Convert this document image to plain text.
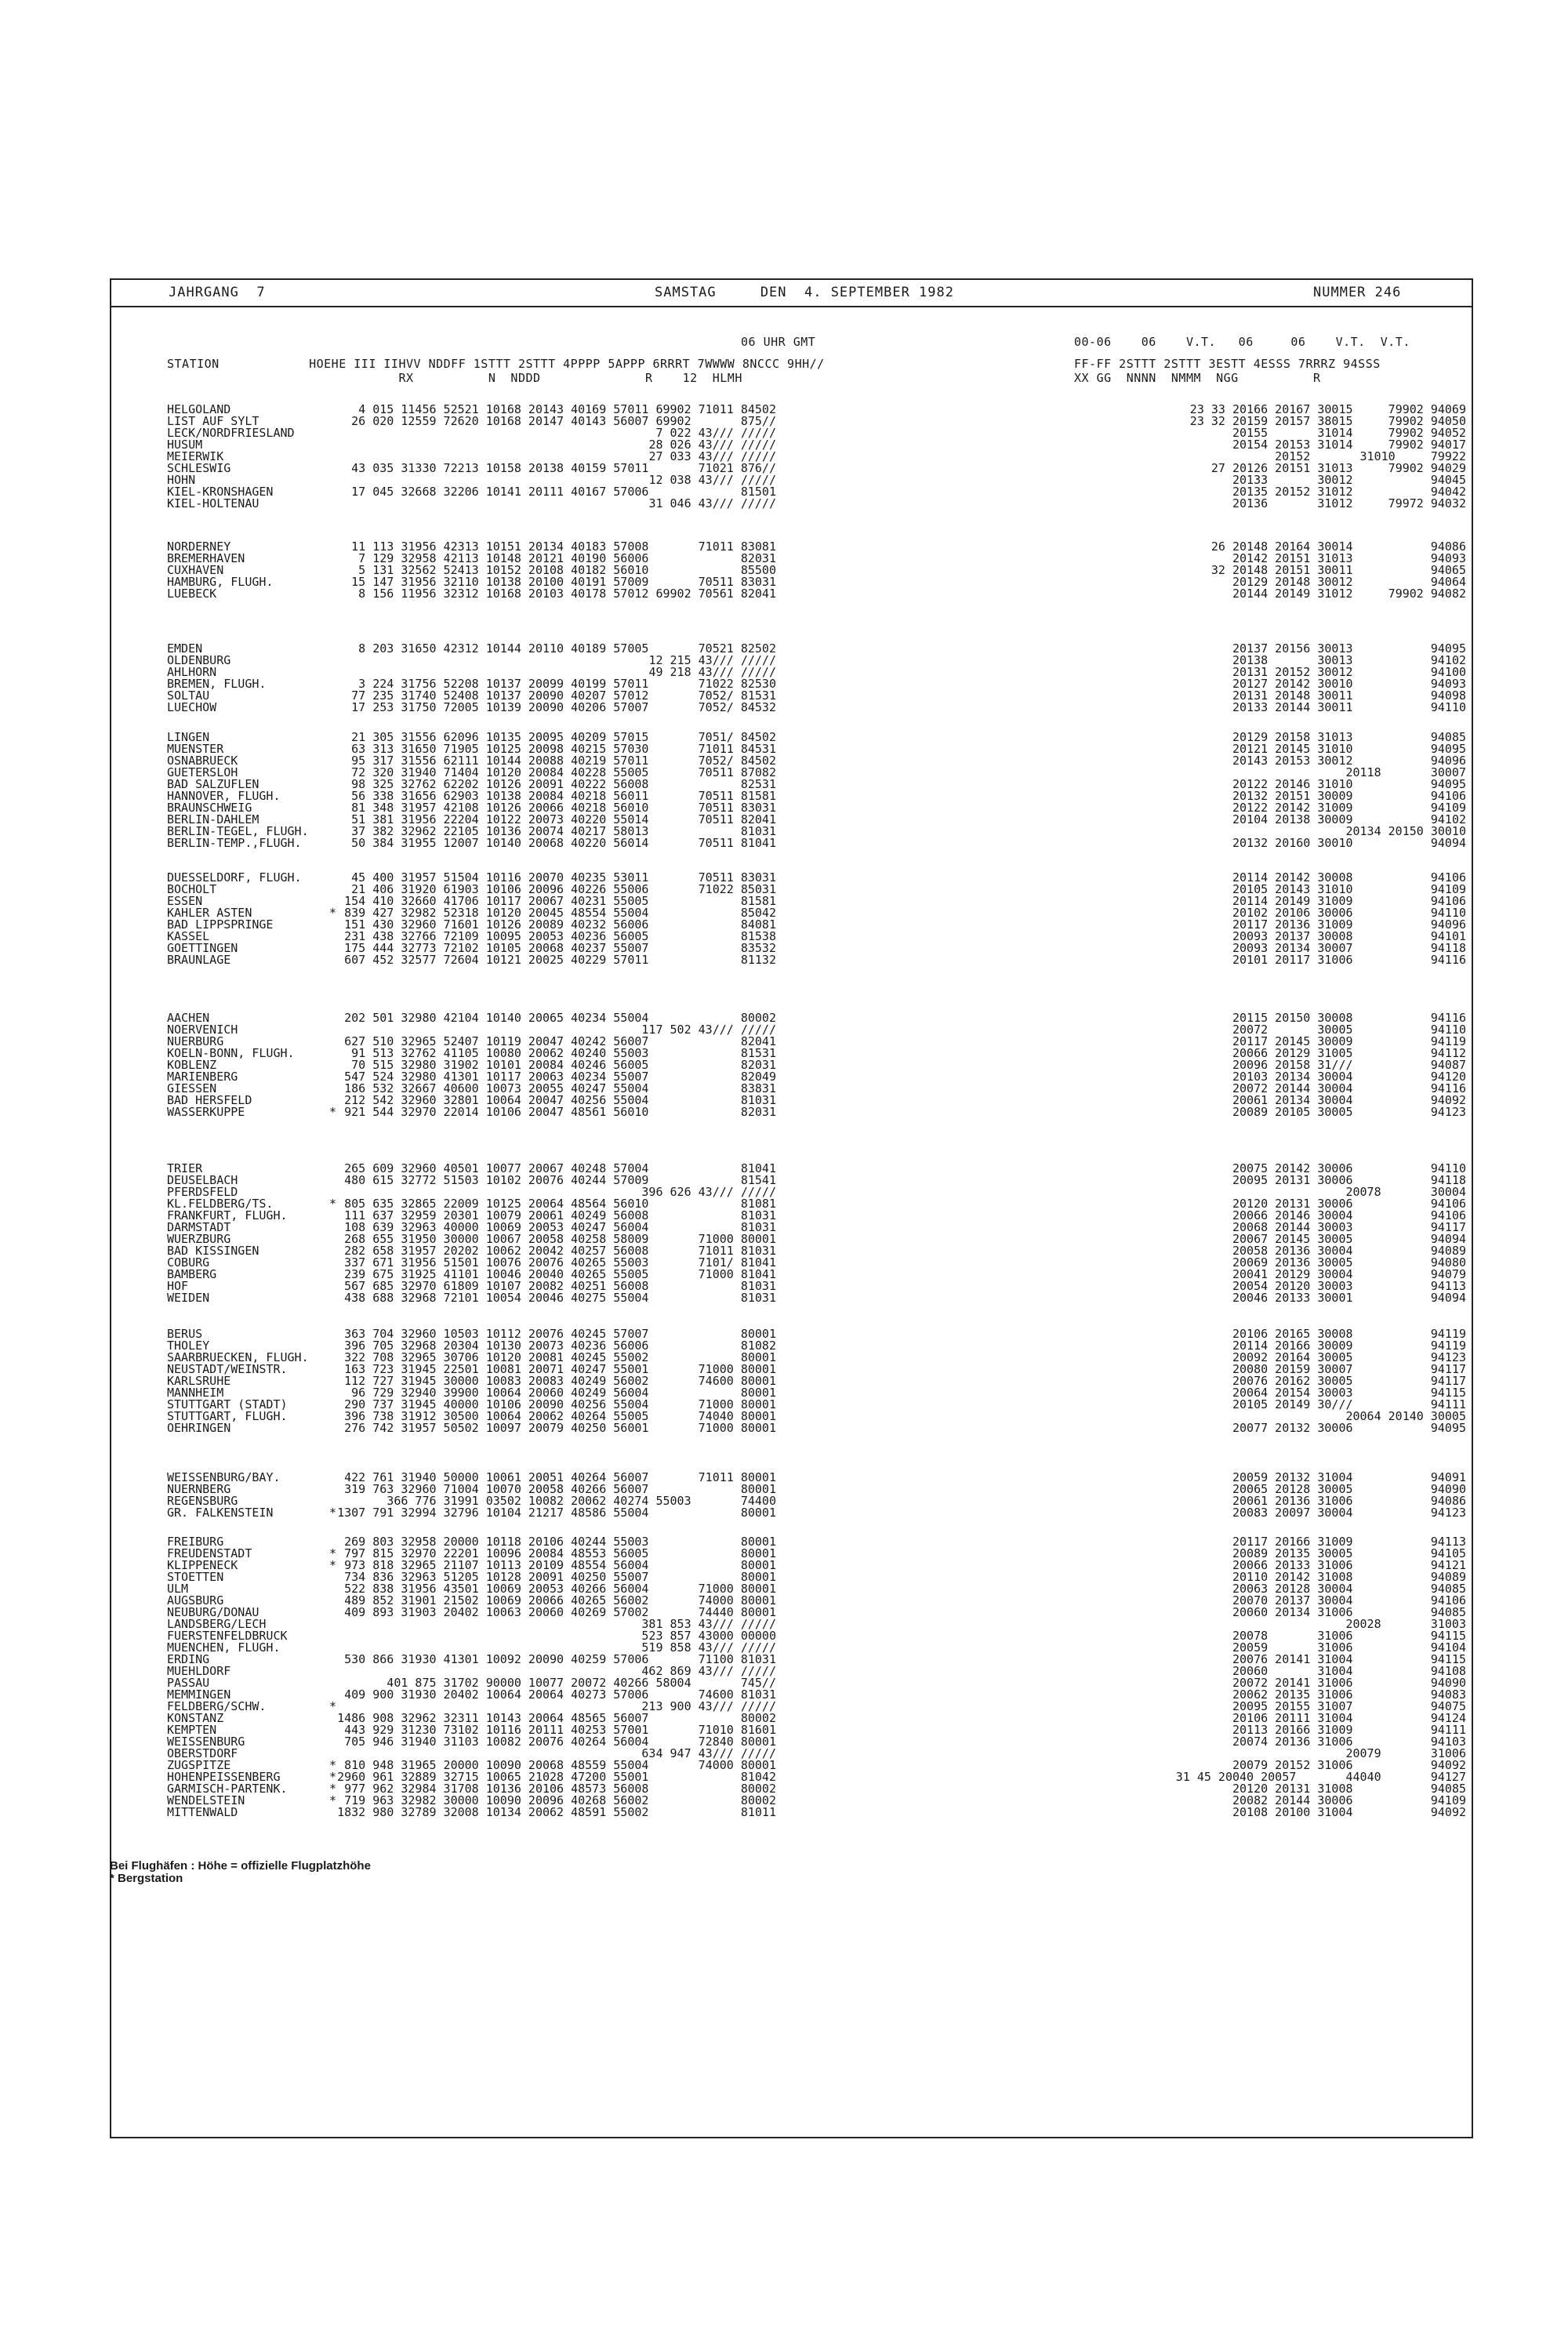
JAHRGANG  7	SAMSTAG     DEN  4. SEPTEMBER 1982	NUMMER 246
06 UHR GMT	00-06    06    V.T.   06     06    V.T.  V.T.
STATION            HOEHE III IIHVV NDDFF 1STTT 2STTT 4PPPP 5APPP 6RRRT 7WWWW 8NCCC 9HH//
RX          N  NDDD              R    12  HLMH
FF-FF 2STTT 2STTT 3ESTT 4ESSS 7RRRZ 94SSS
XX GG  NNNN  NMMM  NGG          R
HELGOLAND	4 015 11456 52521 10168 20143 40169 57011 69902 71011 84502	23 33 20166 20167 30015     79902 94069
LIST AUF SYLT	26 020 12559 72620 10168 20147 40143 56007 69902       875//	23 32 20159 20157 38015     79902 94050
LECK/NORDFRIESLAND	7 022 43/// /////	20155       31014     79902 94052
HUSUM	28 026 43/// /////	20154 20153 31014     79902 94017
MEIERWIK	27 033 43/// /////	20152       31010     79922
SCHLESWIG	43 035 31330 72213 10158 20138 40159 57011       71021 876//	27 20126 20151 31013     79902 94029
HOHN	12 038 43/// /////	20133       30012           94045
KIEL-KRONSHAGEN	17 045 32668 32206 10141 20111 40167 57006             81501	20135 20152 31012           94042
KIEL-HOLTENAU	31 046 43/// /////	20136       31012     79972 94032
NORDERNEY	11 113 31956 42313 10151 20134 40183 57008       71011 83081	26 20148 20164 30014           94086
BREMERHAVEN	7 129 32958 42113 10148 20121 40190 56006             82031	20142 20151 31013           94093
CUXHAVEN	5 131 32562 52413 10152 20108 40182 56010             85500	32 20148 20151 30011           94065
HAMBURG, FLUGH.	15 147 31956 32110 10138 20100 40191 57009       70511 83031	20129 20148 30012           94064
LUEBECK	8 156 11956 32312 10168 20103 40178 57012 69902 70561 82041	20144 20149 31012     79902 94082
EMDEN	8 203 31650 42312 10144 20110 40189 57005       70521 82502	20137 20156 30013           94095
OLDENBURG	12 215 43/// /////	20138       30013           94102
AHLHORN	49 218 43/// /////	20131 20152 30012           94100
BREMEN, FLUGH.	3 224 31756 52208 10137 20099 40199 57011       71022 82530	20127 20142 30010           94093
SOLTAU	77 235 31740 52408 10137 20090 40207 57012       7052/ 81531	20131 20148 30011           94098
LUECHOW	17 253 31750 72005 10139 20090 40206 57007       7052/ 84532	20133 20144 30011           94110
LINGEN	21 305 31556 62096 10135 20095 40209 57015       7051/ 84502	20129 20158 31013           94085
MUENSTER	63 313 31650 71905 10125 20098 40215 57030       71011 84531	20121 20145 31010           94095
OSNABRUECK	95 317 31556 62111 10144 20088 40219 57011       7052/ 84502	20143 20153 30012           94096
GUETERSLOH	72 320 31940 71404 10120 20084 40228 55005       70511 87082	20118       30007
BAD SALZUFLEN	98 325 32762 62202 10126 20091 40222 56008             82531	20122 20146 31010           94095
HANNOVER, FLUGH.	56 338 31656 62903 10138 20084 40218 56011       70511 81581	20132 20151 30009           94106
BRAUNSCHWEIG	81 348 31957 42108 10126 20066 40218 56010       70511 83031	20122 20142 31009           94109
BERLIN-DAHLEM	51 381 31956 22204 10122 20073 40220 55014       70511 82041	20104 20138 30009           94102
BERLIN-TEGEL, FLUGH.	37 382 32962 22105 10136 20074 40217 58013             81031	20134 20150 30010
BERLIN-TEMP.,FLUGH.	50 384 31955 12007 10140 20068 40220 56014       70511 81041	20132 20160 30010           94094
DUESSELDORF, FLUGH.	45 400 31957 51504 10116 20070 40235 53011       70511 83031	20114 20142 30008           94106
BOCHOLT	21 406 31920 61903 10106 20096 40226 55006       71022 85031	20105 20143 31010           94109
ESSEN	154 410 32660 41706 10117 20067 40231 55005             81581	20114 20149 31009           94106
KAHLER ASTEN	* 839 427 32982 52318 10120 20045 48554 55004             85042	20102 20106 30006           94110
BAD LIPPSPRINGE	151 430 32960 71601 10126 20089 40232 56006             84081	20117 20136 31009           94096
KASSEL	231 438 32766 72109 10095 20053 40236 56005             81538	20093 20137 30008           94101
GOETTINGEN	175 444 32773 72102 10105 20068 40237 55007             83532	20093 20134 30007           94118
BRAUNLAGE	607 452 32577 72604 10121 20025 40229 57011             81132	20101 20117 31006           94116
AACHEN	202 501 32980 42104 10140 20065 40234 55004             80002	20115 20150 30008           94116
NOERVENICH	117 502 43/// /////	20072       30005           94110
NUERBURG	627 510 32965 52407 10119 20047 40242 56007             82041	20117 20145 30009           94119
KOELN-BONN, FLUGH.	91 513 32762 41105 10080 20062 40240 55003             81531	20066 20129 31005           94112
KOBLENZ	70 515 32980 31902 10101 20084 40246 56005             82031	20096 20158 31///           94087
MARIENBERG	547 524 32980 41301 10117 20063 40234 55007             82049	20103 20134 30004           94120
GIESSEN	186 532 32667 40600 10073 20055 40247 55004             83831	20072 20144 30004           94116
BAD HERSFELD	212 542 32960 32801 10064 20047 40256 55004             81031	20061 20134 30004           94092
WASSERKUPPE	* 921 544 32970 22014 10106 20047 48561 56010             82031	20089 20105 30005           94123
TRIER	265 609 32960 40501 10077 20067 40248 57004             81041	20075 20142 30006           94110
DEUSELBACH	480 615 32772 51503 10102 20076 40244 57009             81541	20095 20131 30006           94118
PFERDSFELD	396 626 43/// /////	20078       30004
KL.FELDBERG/TS.	* 805 635 32865 22009 10125 20064 48564 56010             81081	20120 20131 30006           94106
FRANKFURT, FLUGH.	111 637 32959 20301 10079 20061 40249 56008             81031	20066 20146 30004           94106
DARMSTADT	108 639 32963 40000 10069 20053 40247 56004             81031	20068 20144 30003           94117
WUERZBURG	268 655 31950 30000 10067 20058 40258 58009       71000 80001	20067 20145 30005           94094
BAD KISSINGEN	282 658 31957 20202 10062 20042 40257 56008       71011 81031	20058 20136 30004           94089
COBURG	337 671 31956 51501 10076 20076 40265 55003       7101/ 81041	20069 20136 30005           94080
BAMBERG	239 675 31925 41101 10046 20040 40265 55005       71000 81041	20041 20129 30004           94079
HOF	567 685 32970 61809 10107 20082 40251 56008             81031	20054 20120 30003           94113
WEIDEN	438 688 32968 72101 10054 20046 40275 55004             81031	20046 20133 30001           94094
BERUS	363 704 32960 10503 10112 20076 40245 57007             80001	20106 20165 30008           94119
THOLEY	396 705 32968 20304 10130 20073 40236 56006             81082	20114 20166 30009           94119
SAARBRUECKEN, FLUGH.	322 708 32965 30706 10120 20081 40245 55002             80001	20092 20164 30005           94123
NEUSTADT/WEINSTR.	163 723 31945 22501 10081 20071 40247 55001       71000 80001	20080 20159 30007           94117
KARLSRUHE	112 727 31945 30000 10083 20083 40249 56002       74600 80001	20076 20162 30005           94117
MANNHEIM	96 729 32940 39900 10064 20060 40249 56004             80001	20064 20154 30003           94115
STUTTGART (STADT)	290 737 31945 40000 10106 20090 40256 55004       71000 80001	20105 20149 30///           94111
STUTTGART, FLUGH.	396 738 31912 30500 10064 20062 40264 55005       74040 80001	20064 20140 30005
OEHRINGEN	276 742 31957 50502 10097 20079 40250 56001       71000 80001	20077 20132 30006           94095
WEISSENBURG/BAY.	422 761 31940 50000 10061 20051 40264 56007       71011 80001	20059 20132 31004           94091
NUERNBERG	319 763 32960 71004 10070 20058 40266 56007             80001	20065 20128 30005           94090
REGENSBURG	366 776 31991 03502 10082 20062 40274 55003       74400	20061 20136 31006           94086
GR. FALKENSTEIN	* 1307 791 32994 32796 10104 21217 48586 55004             80001	20083 20097 30004           94123
FREIBURG	269 803 32958 20000 10118 20106 40244 55003             80001	20117 20166 31009           94113
FREUDENSTADT	* 797 815 32970 22201 10096 20084 48553 56005             80001	20089 20135 30005           94105
KLIPPENECK	* 973 818 32965 21107 10113 20109 48554 56004             80001	20066 20133 31006           94121
STOETTEN	734 836 32963 51205 10128 20091 40250 55007             80001	20110 20142 31008           94089
ULM	522 838 31956 43501 10069 20053 40266 56004       71000 80001	20063 20128 30004           94085
AUGSBURG	489 852 31901 21502 10069 20066 40265 56002       74000 80001	20070 20137 30004           94106
NEUBURG/DONAU	409 893 31903 20402 10063 20060 40269 57002       74440 80001	20060 20134 31006           94085
LANDSBERG/LECH	381 853 43/// /////	20028       31003
FUERSTENFELDBRUCK	523 857 43000 00000	20078       31006           94115
MUENCHEN, FLUGH.	519 858 43/// /////	20059       31006           94104
ERDING	530 866 31930 41301 10092 20090 40259 57006       71100 81031	20076 20141 31004           94115
MUEHLDORF	462 869 43/// /////	20060       31004           94108
PASSAU	401 875 31702 90000 10077 20072 40266 58004       745//	20072 20141 31006           94090
MEMMINGEN	409 900 31930 20402 10064 20064 40273 57006       74600 81031	20062 20135 31006           94083
FELDBERG/SCHW.	*	213 900 43/// /////	20095 20155 31007           94075
KONSTANZ	1486 908 32962 32311 10143 20064 48565 56007             80002	20106 20111 31004           94124
KEMPTEN	443 929 31230 73102 10116 20111 40253 57001       71010 81601	20113 20166 31009           94111
WEISSENBURG	705 946 31940 31103 10082 20076 40264 56004       72840 80001	20074 20136 31006           94103
OBERSTDORF	634 947 43/// /////	20079       31006
ZUGSPITZE	* 810 948 31965 20000 10090 20068 48559 55004       74000 80001	20079 20152 31006           94092
HOHENPEISSENBERG	* 2960 961 32889 32715 10065 21028 47200 55001             81042	31 45 20040 20057       44040       94127
GARMISCH-PARTENK.	* 977 962 32984 31708 10136 20106 48573 56008             80002	20120 20131 31008           94085
WENDELSTEIN	* 719 963 32982 30000 10090 20096 40268 56002             80002	20082 20144 30006           94109
MITTENWALD	1832 980 32789 32008 10134 20062 48591 55002             81011	20108 20100 31004           94092
Bei Flughäfen : Höhe = offizielle Flugplatzhöhe
* Bergstation
